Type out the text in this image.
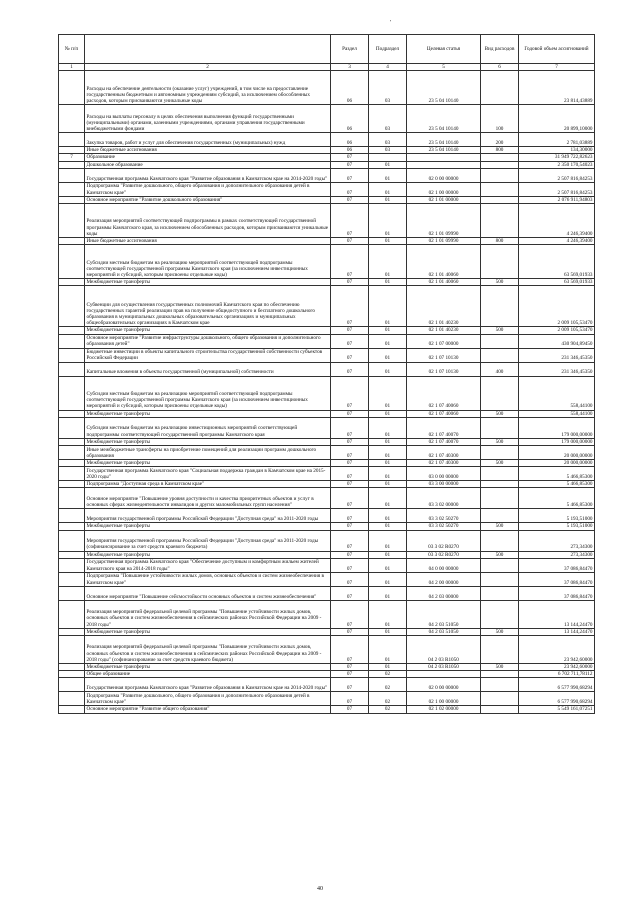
'
№ п/п		Раздел	Подраздел	Целевая статья	Вид расходов	Годовой объем ассигнований
1	2	3	4	5	6	7
	Расходы на обеспечение деятельности (оказание услуг) учреждений, в том числе на предоставление государственным бюджетным и автономным учреждениям субсидий, за исключением обособленных расходов, которым присваиваются уникальные коды	06	03	23 5 04 10140		23 814,43889
	Расходы на выплаты персоналу в целях обеспечения выполнения функций государственными (муниципальными) органами, казенными учреждениями, органами управления государственными внебюджетными фондами	06	03	23 5 04 10140	100	20 899,10000
	Закупка товаров, работ и услуг для обеспечения государственных (муниципальных) нужд	06	03	23 5 04 10140	200	2 781,03889
	Иные бюджетные ассигнования	06	03	23 5 04 10140	800	134,30000
7	Образование	07				31 949 722,82623
	Дошкольное образование	07	01			2 350 170,54023
	Государственная программа Камчатского края "Развитие образования в Камчатском крае на 2014-2020 годы"	07	01	02 0 00 00000		2 507 816,84253
	Подпрограмма "Развитие дошкольного, общего образования и дополнительного образования детей в Камчатском крае"	07	01	02 1 00 00000		2 507 816,84253
	Основное мероприятие "Развитие дошкольного образования"	07	01	02 1 01 00000		2 076 911,94803
	Реализация мероприятий соответствующей подпрограммы в рамках соответствующей государственной программы Камчатского края, за исключением обособленных расходов, которым присваиваются уникальные коды	07	01	02 1 01 09990		4 246,39400
	Иные бюджетные ассигнования	07	01	02 1 01 09990	800	4 246,39400
	Субсидии местным бюджетам на реализацию мероприятий соответствующей подпрограммы соответствующей государственной программы Камчатского края (за исключением инвестиционных мероприятий и субсидий, которым присвоены отдельные коды)	07	01	02 1 01 40060		63 569,01933
	Межбюджетные трансферты	07	01	02 1 01 40060	500	63 569,01933
	Субвенции для осуществления государственных полномочий Камчатского края по обеспечению государственных гарантий реализации прав на получение общедоступного и бесплатного дошкольного образования в муниципальных дошкольных образовательных организациях и муниципальных общеобразовательных организациях в Камчатском крае	07	01	02 1 01 40230		2 009 105,53470
	Межбюджетные трансферты	07	01	02 1 01 40230	500	2 009 105,53470
	Основное мероприятие "Развитие инфраструктуры дошкольного, общего образования и дополнительного образования детей"	07	01	02 1 07 00000		430 904,89450
	Бюджетные инвестиции в объекты капитального строительства государственной собственности субъектов Российской Федерации	07	01	02 1 07 10130		231 346,45350
	Капитальные вложения в объекты государственной (муниципальной) собственности	07	01	02 1 07 10130	400	231 346,45350
	Субсидии местным бюджетам на реализацию мероприятий соответствующей подпрограммы соответствующей государственной программы Камчатского края (за исключением инвестиционных мероприятий и субсидий, которым присвоены отдельные коды)	07	01	02 1 07 40060		558,44100
	Межбюджетные трансферты	07	01	02 1 07 40060	500	558,44100
	Субсидии местным бюджетам на реализацию инвестиционных мероприятий соответствующей подпрограммы соответствующей государственной программы Камчатского края	07	01	02 1 07 40070		179 000,00000
	Межбюджетные трансферты	07	01	02 1 07 40070	500	179 000,00000
	Иные межбюджетные трансферты на приобретение помещений для реализации программ дошкольного образования	07	01	02 1 07 40300		20 000,00000
	Межбюджетные трансферты	07	01	02 1 07 40300	500	20 000,00000
	Государственная программа Камчатского края "Социальная поддержка граждан в Камчатском крае на 2015-2020 годы"	07	01	03 0 00 00000		5 466,85300
	Подпрограмма "Доступная среда в Камчатском крае"	07	01	03 3 00 00000		5 466,85300
	Основное мероприятие "Повышение уровня доступности и качества приоритетных объектов и услуг в основных сферах жизнедеятельности инвалидов и других маломобильных групп населения"	07	01	03 3 02 00000		5 466,85300
	Мероприятия государственной программы Российской Федерации "Доступная среда" на 2011-2020 годы	07	01	03 3 02 50270		5 193,51000
	Межбюджетные трансферты	07	01	03 3 02 50270	500	5 193,51000
	Мероприятия государственной программы Российской Федерации "Доступная среда" на 2011-2020 годы (софинансирование за счет средств краевого бюджета)	07	01	03 3 02 R0270		273,34300
	Межбюджетные трансферты	07	01	03 3 02 R0270	500	273,34300
	Государственная программа Камчатского края "Обеспечение доступным и комфортным жильем жителей Камчатского края на 2014-2018 годы"	07	01	04 0 00 00000		37 086,84470
	Подпрограмма "Повышение устойчивости жилых домов, основных объектов и систем жизнеобеспечения в Камчатском крае"	07	01	04 2 00 00000		37 086,84470
	Основное мероприятие "Повышение сейсмостойкости основных объектов и систем жизнеобеспечения"	07	01	04 2 03 00000		37 086,84470
	Реализация мероприятий федеральной целевой программы "Повышение устойчивости жилых домов, основных объектов и систем жизнеобеспечения в сейсмических районах Российской Федерации на 2009 - 2018 годы"	07	01	04 2 03 51050		13 144,24470
	Межбюджетные трансферты	07	01	04 2 03 51050	500	13 144,24470
	Реализация мероприятий федеральной целевой программы "Повышение устойчивости жилых домов, основных объектов и систем жизнеобеспечения в сейсмических районах Российской Федерации на 2009 - 2018 годы" (софинансирование за счет средств краевого бюджета)	07	01	04 2 03 R1050		23 942,60000
	Межбюджетные трансферты	07	01	04 2 03 R1050	500	23 942,60000
	Общее образование	07	02			6 702 711,78112
	Государственная программа Камчатского края "Развитие образования в Камчатском крае на 2014-2020 годы"	07	02	02 0 00 00000		6 577 990,68294
	Подпрограмма "Развитие дошкольного, общего образования и дополнительного образования детей в Камчатском крае"	07	02	02 1 00 00000		6 577 990,68294
	Основное мероприятие "Развитие общего образования"	07	02	02 1 02 00000		5 549 161,07251
40
